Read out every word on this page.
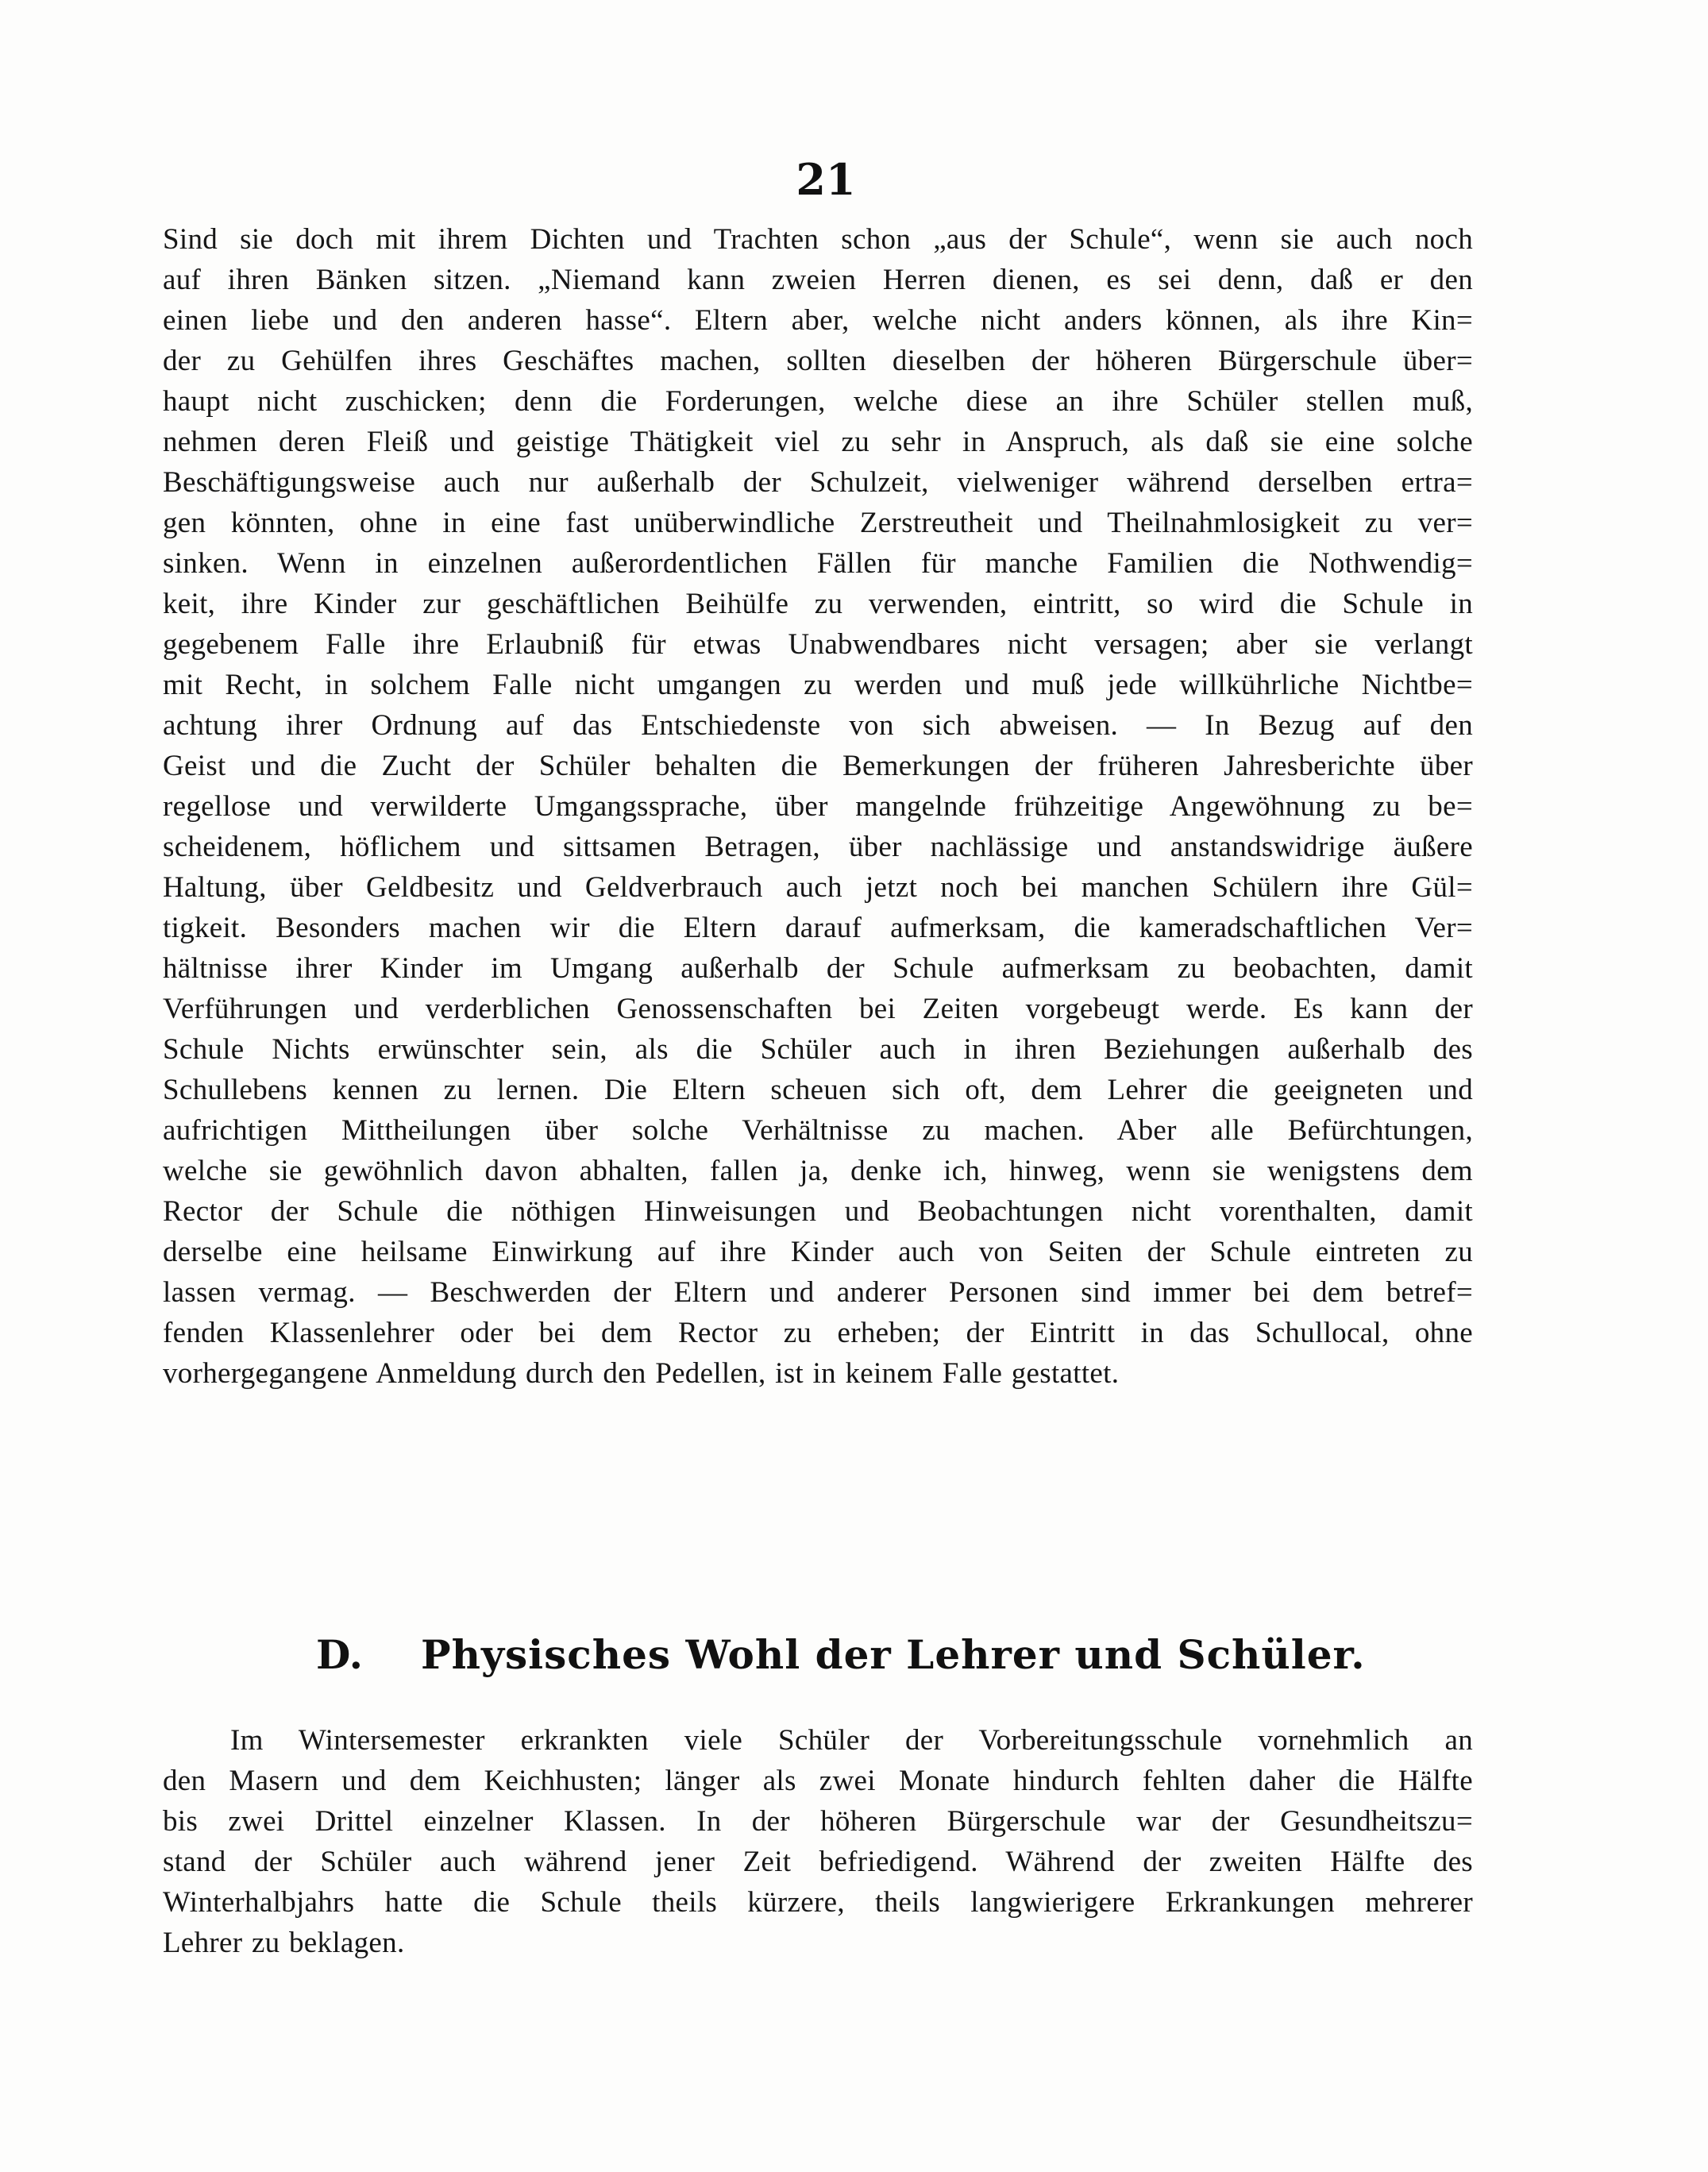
21
Sind sie doch mit ihrem Dichten und Trachten schon „aus der Schule“, wenn sie auch noch
auf ihren Bänken sitzen. „Niemand kann zweien Herren dienen, es sei denn, daß er den
einen liebe und den anderen hasse“. Eltern aber, welche nicht anders können, als ihre Kin=
der zu Gehülfen ihres Geschäftes machen, sollten dieselben der höheren Bürgerschule über=
haupt nicht zuschicken; denn die Forderungen, welche diese an ihre Schüler stellen muß,
nehmen deren Fleiß und geistige Thätigkeit viel zu sehr in Anspruch, als daß sie eine solche
Beschäftigungsweise auch nur außerhalb der Schulzeit, vielweniger während derselben ertra=
gen könnten, ohne in eine fast unüberwindliche Zerstreutheit und Theilnahmlosigkeit zu ver=
sinken. Wenn in einzelnen außerordentlichen Fällen für manche Familien die Nothwendig=
keit, ihre Kinder zur geschäftlichen Beihülfe zu verwenden, eintritt, so wird die Schule in
gegebenem Falle ihre Erlaubniß für etwas Unabwendbares nicht versagen; aber sie verlangt
mit Recht, in solchem Falle nicht umgangen zu werden und muß jede willkührliche Nichtbe=
achtung ihrer Ordnung auf das Entschiedenste von sich abweisen. — In Bezug auf den
Geist und die Zucht der Schüler behalten die Bemerkungen der früheren Jahresberichte über
regellose und verwilderte Umgangssprache, über mangelnde frühzeitige Angewöhnung zu be=
scheidenem, höflichem und sittsamen Betragen, über nachlässige und anstandswidrige äußere
Haltung, über Geldbesitz und Geldverbrauch auch jetzt noch bei manchen Schülern ihre Gül=
tigkeit. Besonders machen wir die Eltern darauf aufmerksam, die kameradschaftlichen Ver=
hältnisse ihrer Kinder im Umgang außerhalb der Schule aufmerksam zu beobachten, damit
Verführungen und verderblichen Genossenschaften bei Zeiten vorgebeugt werde. Es kann der
Schule Nichts erwünschter sein, als die Schüler auch in ihren Beziehungen außerhalb des
Schullebens kennen zu lernen. Die Eltern scheuen sich oft, dem Lehrer die geeigneten und
aufrichtigen Mittheilungen über solche Verhältnisse zu machen. Aber alle Befürchtungen,
welche sie gewöhnlich davon abhalten, fallen ja, denke ich, hinweg, wenn sie wenigstens dem
Rector der Schule die nöthigen Hinweisungen und Beobachtungen nicht vorenthalten, damit
derselbe eine heilsame Einwirkung auf ihre Kinder auch von Seiten der Schule eintreten zu
lassen vermag. — Beschwerden der Eltern und anderer Personen sind immer bei dem betref=
fenden Klassenlehrer oder bei dem Rector zu erheben; der Eintritt in das Schullocal, ohne
vorhergegangene Anmeldung durch den Pedellen, ist in keinem Falle gestattet.
D. Physisches Wohl der Lehrer und Schüler.
Im Wintersemester erkrankten viele Schüler der Vorbereitungsschule vornehmlich an
den Masern und dem Keichhusten; länger als zwei Monate hindurch fehlten daher die Hälfte
bis zwei Drittel einzelner Klassen. In der höheren Bürgerschule war der Gesundheitszu=
stand der Schüler auch während jener Zeit befriedigend. Während der zweiten Hälfte des
Winterhalbjahrs hatte die Schule theils kürzere, theils langwierigere Erkrankungen mehrerer
Lehrer zu beklagen.
